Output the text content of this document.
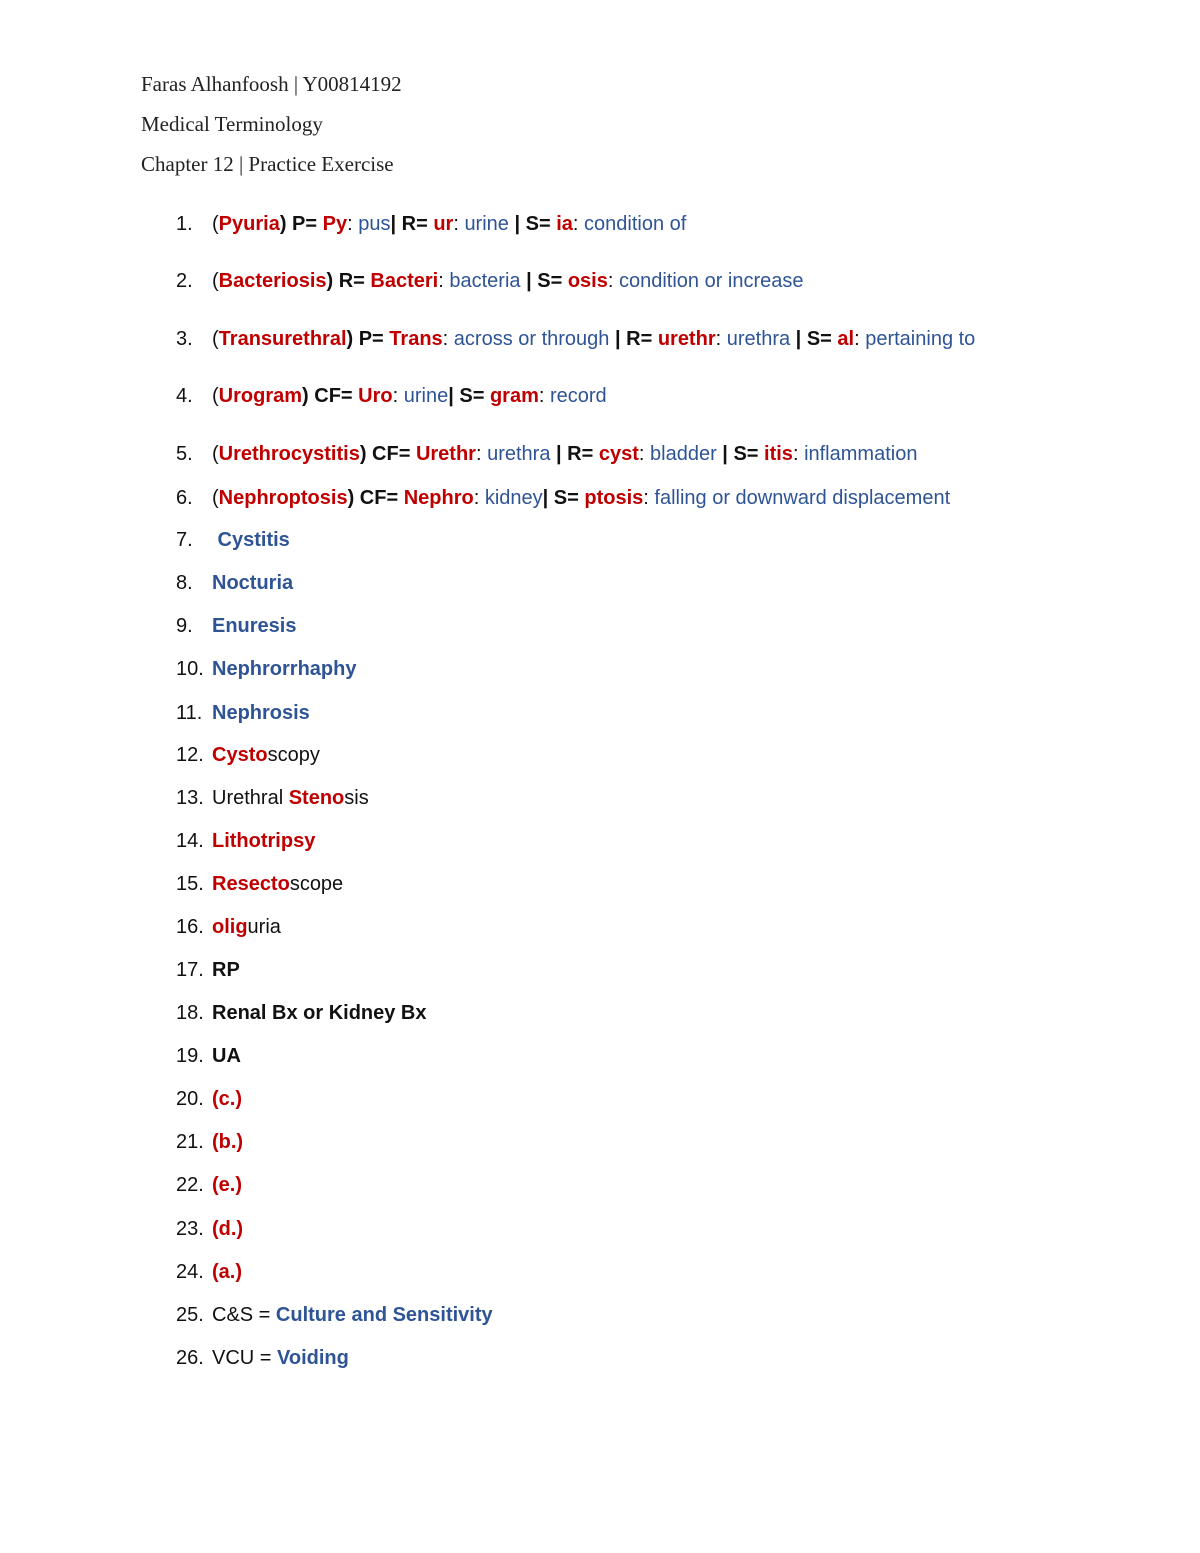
Faras Alhanfoosh | Y00814192
Medical Terminology
Chapter 12 | Practice Exercise
1. (Pyuria) P= Py: pus| R= ur: urine | S= ia: condition of
2. (Bacteriosis) R= Bacteri: bacteria | S= osis: condition or increase
3. (Transurethral) P= Trans: across or through | R= urethr: urethra | S= al: pertaining to
4. (Urogram) CF= Uro: urine| S= gram: record
5. (Urethrocystitis) CF= Urethr: urethra | R= cyst: bladder | S= itis: inflammation
6. (Nephroptosis) CF= Nephro: kidney| S= ptosis: falling or downward displacement
7. Cystitis
8. Nocturia
9. Enuresis
10. Nephrorrhaphy
11. Nephrosis
12. Cystoscopy
13. Urethral Stenosis
14. Lithotripsy
15. Resectoscope
16. oliguria
17. RP
18. Renal Bx or Kidney Bx
19. UA
20. (c.)
21. (b.)
22. (e.)
23. (d.)
24. (a.)
25. C&S = Culture and Sensitivity
26. VCU = Voiding
